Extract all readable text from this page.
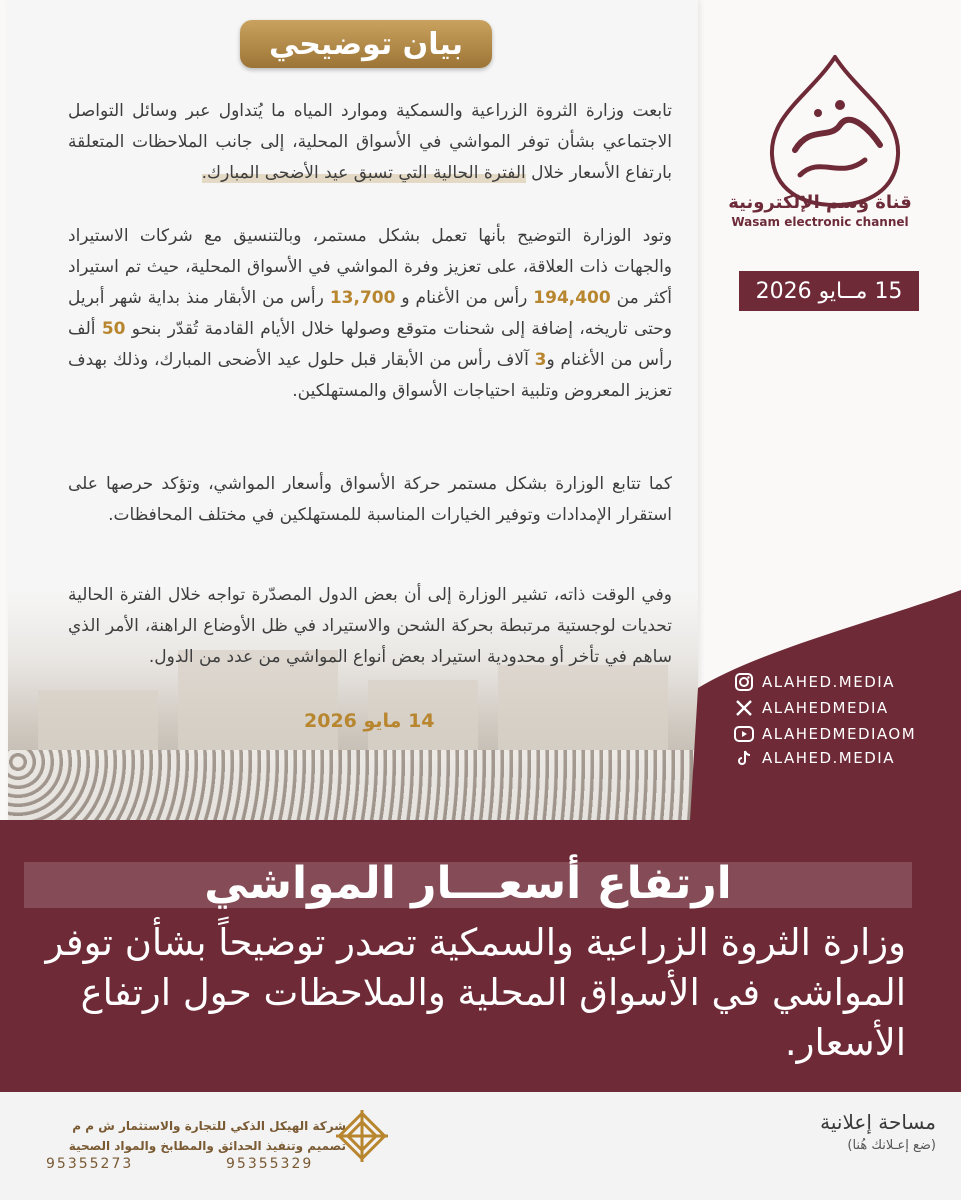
بيان توضيحي

تابعت وزارة الثروة الزراعية والسمكية وموارد المياه ما يُتداول عبر وسائل التواصل الاجتماعي بشأن توفر المواشي في الأسواق المحلية، إلى جانب الملاحظات المتعلقة بارتفاع الأسعار خلال الفترة الحالية التي تسبق عيد الأضحى المبارك.

وتود الوزارة التوضيح بأنها تعمل بشكل مستمر، وبالتنسيق مع شركات الاستيراد والجهات ذات العلاقة، على تعزيز وفرة المواشي في الأسواق المحلية، حيث تم استيراد أكثر من 194,400 رأس من الأغنام و 13,700 رأس من الأبقار منذ بداية شهر أبريل وحتى تاريخه، إضافة إلى شحنات متوقع وصولها خلال الأيام القادمة تُقدّر بنحو 50 ألف رأس من الأغنام و3 آلاف رأس من الأبقار قبل حلول عيد الأضحى المبارك، وذلك بهدف تعزيز المعروض وتلبية احتياجات الأسواق والمستهلكين.

كما تتابع الوزارة بشكل مستمر حركة الأسواق وأسعار المواشي، وتؤكد حرصها على استقرار الإمدادات وتوفير الخيارات المناسبة للمستهلكين في مختلف المحافظات.

وفي الوقت ذاته، تشير الوزارة إلى أن بعض الدول المصدّرة تواجه خلال الفترة الحالية تحديات لوجستية مرتبطة بحركة الشحن والاستيراد في ظل الأوضاع الراهنة، الأمر الذي ساهم في تأخر أو محدودية استيراد بعض أنواع المواشي من عدد من الدول.

14 مايو 2026
قناة وسم الإلكترونية
Wasam electronic channel
15 مــايو 2026
ALAHED.MEDIA
ALAHEDMEDIA
ALAHEDMEDIAOM
ALAHED.MEDIA
ارتفاع أسعـــار المواشي

وزارة الثروة الزراعية والسمكية تصدر توضيحاً بشأن توفر المواشي في الأسواق المحلية والملاحظات حول ارتفاع الأسعار.

شركة الهيكل الذكي للتجارة والاستثمار ش م م
تصميم وتنفيذ الحدائق والمطابخ والمواد الصحية
95355329
95355273
مساحة إعلانية
(ضع إعـلانك هُنا)
